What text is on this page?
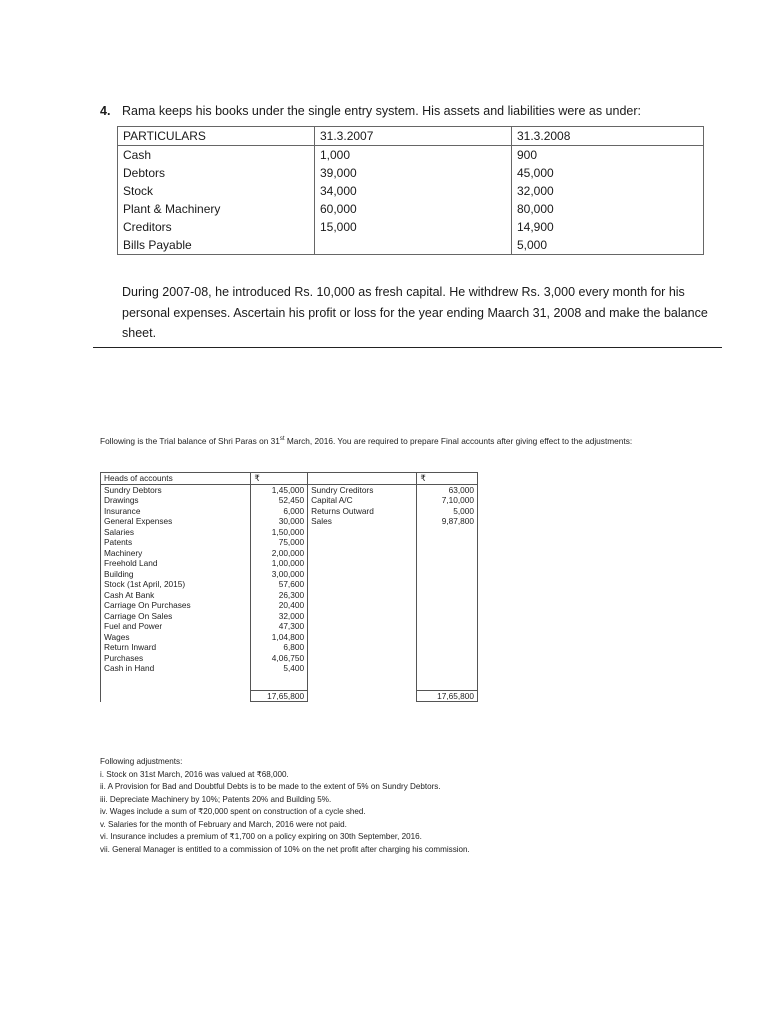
4. Rama keeps his books under the single entry system. His assets and liabilities were as under:
PARTICULARS	31.3.2007	31.3.2008
Cash	1,000	900
Debtors	39,000	45,000
Stock	34,000	32,000
Plant & Machinery	60,000	80,000
Creditors	15,000	14,900
Bills Payable		5,000
During 2007-08, he introduced Rs. 10,000 as fresh capital. He withdrew Rs. 3,000 every month for his personal expenses. Ascertain his profit or loss for the year ending Maarch 31, 2008 and make the balance sheet.
Following is the Trial balance of Shri Paras on 31st March, 2016. You are required to prepare Final accounts after giving effect to the adjustments:
Heads of accounts	₹		₹
Sundry Debtors	1,45,000	Sundry Creditors	63,000
Drawings	52,450	Capital A/C	7,10,000
Insurance	6,000	Returns Outward	5,000
General Expenses	30,000	Sales	9,87,800
Salaries	1,50,000		
Patents	75,000		
Machinery	2,00,000		
Freehold Land	1,00,000		
Building	3,00,000		
Stock (1st April, 2015)	57,600		
Cash At Bank	26,300		
Carriage On Purchases	20,400		
Carriage On Sales	32,000		
Fuel and Power	47,300		
Wages	1,04,800		
Return Inward	6,800		
Purchases	4,06,750		
Cash in Hand	5,400		

	17,65,800		17,65,800
Following adjustments:
i. Stock on 31st March, 2016 was valued at ₹68,000.
ii. A Provision for Bad and Doubtful Debts is to be made to the extent of 5% on Sundry Debtors.
iii. Depreciate Machinery by 10%; Patents 20% and Building 5%.
iv. Wages include a sum of ₹20,000 spent on construction of a cycle shed.
v. Salaries for the month of February and March, 2016 were not paid.
vi. Insurance includes a premium of ₹1,700 on a policy expiring on 30th September, 2016.
vii. General Manager is entitled to a commission of 10% on the net profit after charging his commission.
